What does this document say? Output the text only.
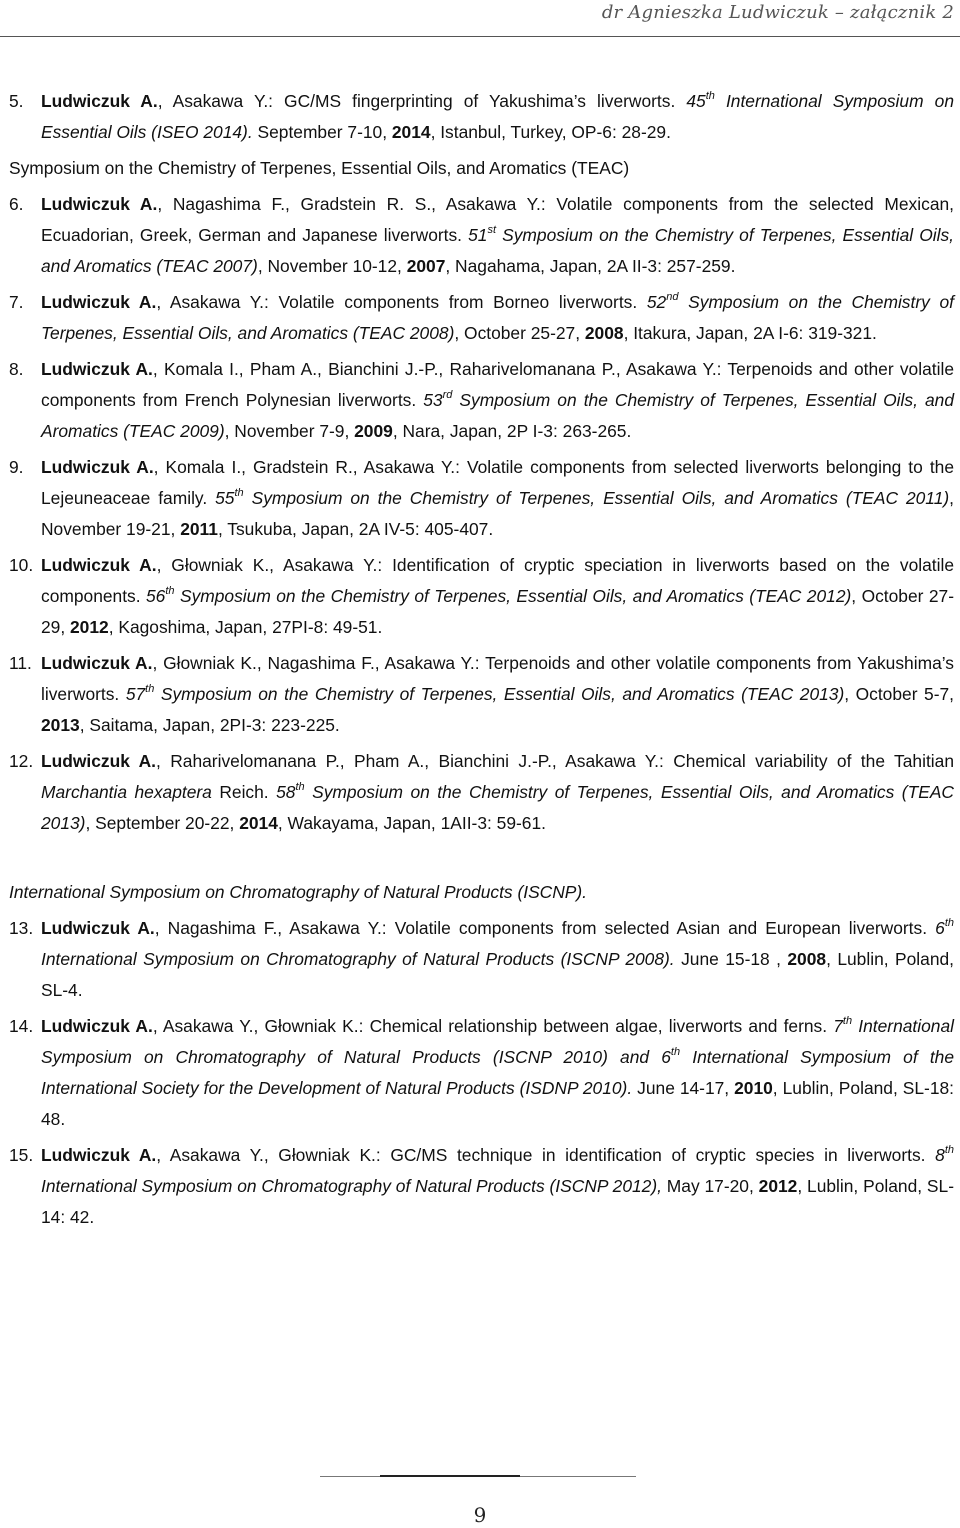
dr Agnieszka Ludwiczuk – załącznik 2
5.	Ludwiczuk A., Asakawa Y.: GC/MS fingerprinting of Yakushima’s liverworts. 45th International Symposium on Essential Oils (ISEO 2014). September 7-10, 2014, Istanbul, Turkey, OP-6: 28-29.
Symposium on the Chemistry of Terpenes, Essential Oils, and Aromatics (TEAC)
6.	Ludwiczuk A., Nagashima F., Gradstein R. S., Asakawa Y.: Volatile components from the selected Mexican, Ecuadorian, Greek, German and Japanese liverworts. 51st Symposium on the Chemistry of Terpenes, Essential Oils, and Aromatics (TEAC 2007), November 10-12, 2007, Nagahama, Japan, 2A II-3: 257-259.
7.	Ludwiczuk A., Asakawa Y.: Volatile components from Borneo liverworts. 52nd Symposium on the Chemistry of Terpenes, Essential Oils, and Aromatics (TEAC 2008), October 25-27, 2008, Itakura, Japan, 2A I-6: 319-321.
8.	Ludwiczuk A., Komala I., Pham A., Bianchini J.-P., Raharivelomanana P., Asakawa Y.: Terpenoids and other volatile components from French Polynesian liverworts. 53rd Symposium on the Chemistry of Terpenes, Essential Oils, and Aromatics (TEAC 2009), November 7-9, 2009, Nara, Japan, 2P I-3: 263-265.
9.	Ludwiczuk A., Komala I., Gradstein R., Asakawa Y.: Volatile components from selected liverworts belonging to the Lejeuneaceae family. 55th Symposium on the Chemistry of Terpenes, Essential Oils, and Aromatics (TEAC 2011), November 19-21, 2011, Tsukuba, Japan, 2A IV-5: 405-407.
10. Ludwiczuk A., Głowniak K., Asakawa Y.: Identification of cryptic speciation in liverworts based on the volatile components. 56th Symposium on the Chemistry of Terpenes, Essential Oils, and Aromatics (TEAC 2012), October 27-29, 2012, Kagoshima, Japan, 27PI-8: 49-51.
11. Ludwiczuk A., Głowniak K., Nagashima F., Asakawa Y.: Terpenoids and other volatile components from Yakushima’s liverworts. 57th Symposium on the Chemistry of Terpenes, Essential Oils, and Aromatics (TEAC 2013), October 5-7, 2013, Saitama, Japan, 2PI-3: 223-225.
12. Ludwiczuk A., Raharivelomanana P., Pham A., Bianchini J.-P., Asakawa Y.: Chemical variability of the Tahitian Marchantia hexaptera Reich. 58th Symposium on the Chemistry of Terpenes, Essential Oils, and Aromatics (TEAC 2013), September 20-22, 2014, Wakayama, Japan, 1AII-3: 59-61.
International Symposium on Chromatography of Natural Products (ISCNP).
13. Ludwiczuk A., Nagashima F., Asakawa Y.: Volatile components from selected Asian and European liverworts. 6th International Symposium on Chromatography of Natural Products (ISCNP 2008). June 15-18 , 2008, Lublin, Poland, SL-4.
14. Ludwiczuk A., Asakawa Y., Głowniak K.: Chemical relationship between algae, liverworts and ferns. 7th International Symposium on Chromatography of Natural Products (ISCNP 2010) and 6th International Symposium of the International Society for the Development of Natural Products (ISDNP 2010). June 14-17, 2010, Lublin, Poland, SL-18: 48.
15. Ludwiczuk A., Asakawa Y., Głowniak K.: GC/MS technique in identification of cryptic species in liverworts. 8th International Symposium on Chromatography of Natural Products (ISCNP 2012), May 17-20, 2012, Lublin, Poland, SL-14: 42.
9
